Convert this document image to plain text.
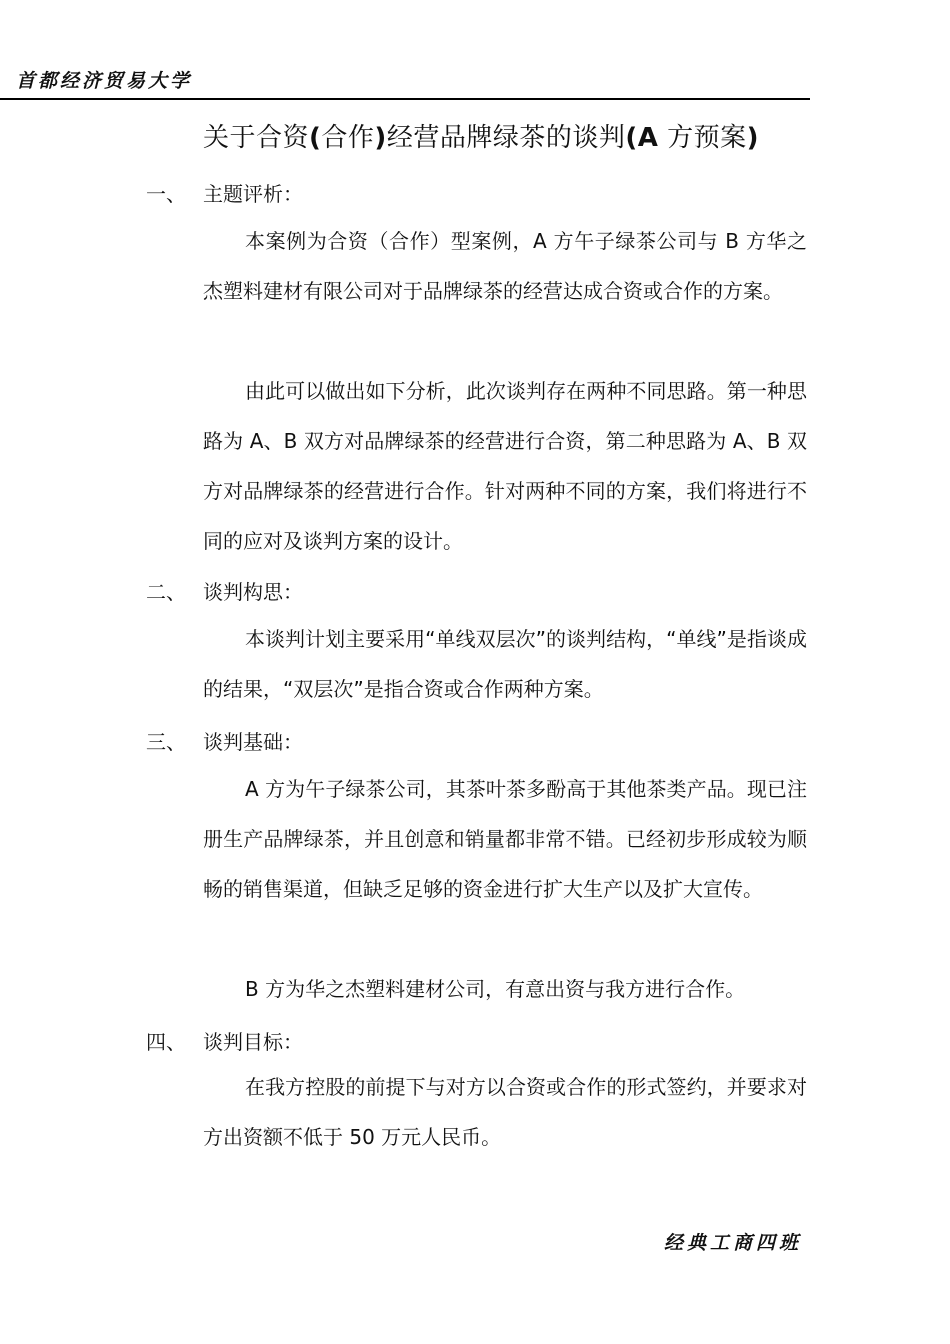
首都经济贸易大学
关于合资(合作)经营品牌绿茶的谈判(A 方预案)
一、 主题评析：

本案例为合资（合作）型案例，A 方午子绿茶公司与 B 方华之杰塑料建材有限公司对于品牌绿茶的经营达成合资或合作的方案。

由此可以做出如下分析，此次谈判存在两种不同思路。第一种思路为 A、B 双方对品牌绿茶的经营进行合资，第二种思路为 A、B 双方对品牌绿茶的经营进行合作。针对两种不同的方案，我们将进行不同的应对及谈判方案的设计。

二、 谈判构思：

本谈判计划主要采用“单线双层次”的谈判结构，“单线”是指谈成的结果，“双层次”是指合资或合作两种方案。

三、 谈判基础：

A 方为午子绿茶公司，其茶叶茶多酚高于其他茶类产品。现已注册生产品牌绿茶，并且创意和销量都非常不错。已经初步形成较为顺畅的销售渠道，但缺乏足够的资金进行扩大生产以及扩大宣传。

B 方为华之杰塑料建材公司，有意出资与我方进行合作。

四、 谈判目标：

在我方控股的前提下与对方以合资或合作的形式签约，并要求对方出资额不低于 50 万元人民币。

经典工商四班
